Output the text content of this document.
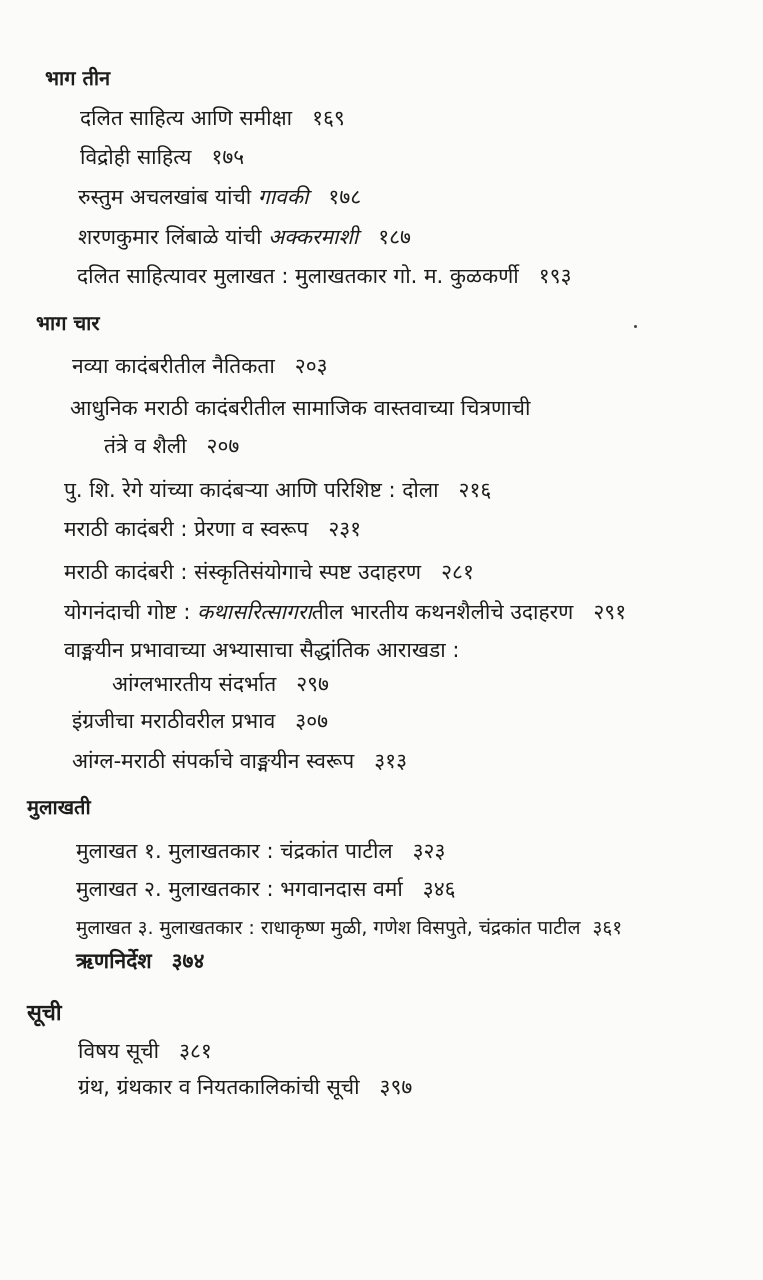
भाग तीन
दलित साहित्य आणि समीक्षा १६९
विद्रोही साहित्य १७५
रुस्तुम अचलखांब यांची गावकी १७८
शरणकुमार लिंबाळे यांची अक्करमाशी १८७
दलित साहित्यावर मुलाखत : मुलाखतकार गो. म. कुळकर्णी १९३
भाग चार
नव्या कादंबरीतील नैतिकता २०३
आधुनिक मराठी कादंबरीतील सामाजिक वास्तवाच्या चित्रणाची
तंत्रे व शैली २०७
पु. शि. रेगे यांच्या कादंबऱ्या आणि परिशिष्ट : दोला २१६
मराठी कादंबरी : प्रेरणा व स्वरूप २३१
मराठी कादंबरी : संस्कृतिसंयोगाचे स्पष्ट उदाहरण २८१
योगनंदाची गोष्ट : कथासरित्सागरातील भारतीय कथनशैलीचे उदाहरण २९१
वाङ्मयीन प्रभावाच्या अभ्यासाचा सैद्धांतिक आराखडा :
आंग्लभारतीय संदर्भात २९७
इंग्रजीचा मराठीवरील प्रभाव ३०७
आंग्ल-मराठी संपर्काचे वाङ्मयीन स्वरूप ३१३
मुलाखती
मुलाखत १. मुलाखतकार : चंद्रकांत पाटील ३२३
मुलाखत २. मुलाखतकार : भगवानदास वर्मा ३४६
मुलाखत ३. मुलाखतकार : राधाकृष्ण मुळी, गणेश विसपुते, चंद्रकांत पाटील ३६१
ऋणनिर्देश ३७४
सूची
विषय सूची ३८१
ग्रंथ, ग्रंथकार व नियतकालिकांची सूची ३९७
